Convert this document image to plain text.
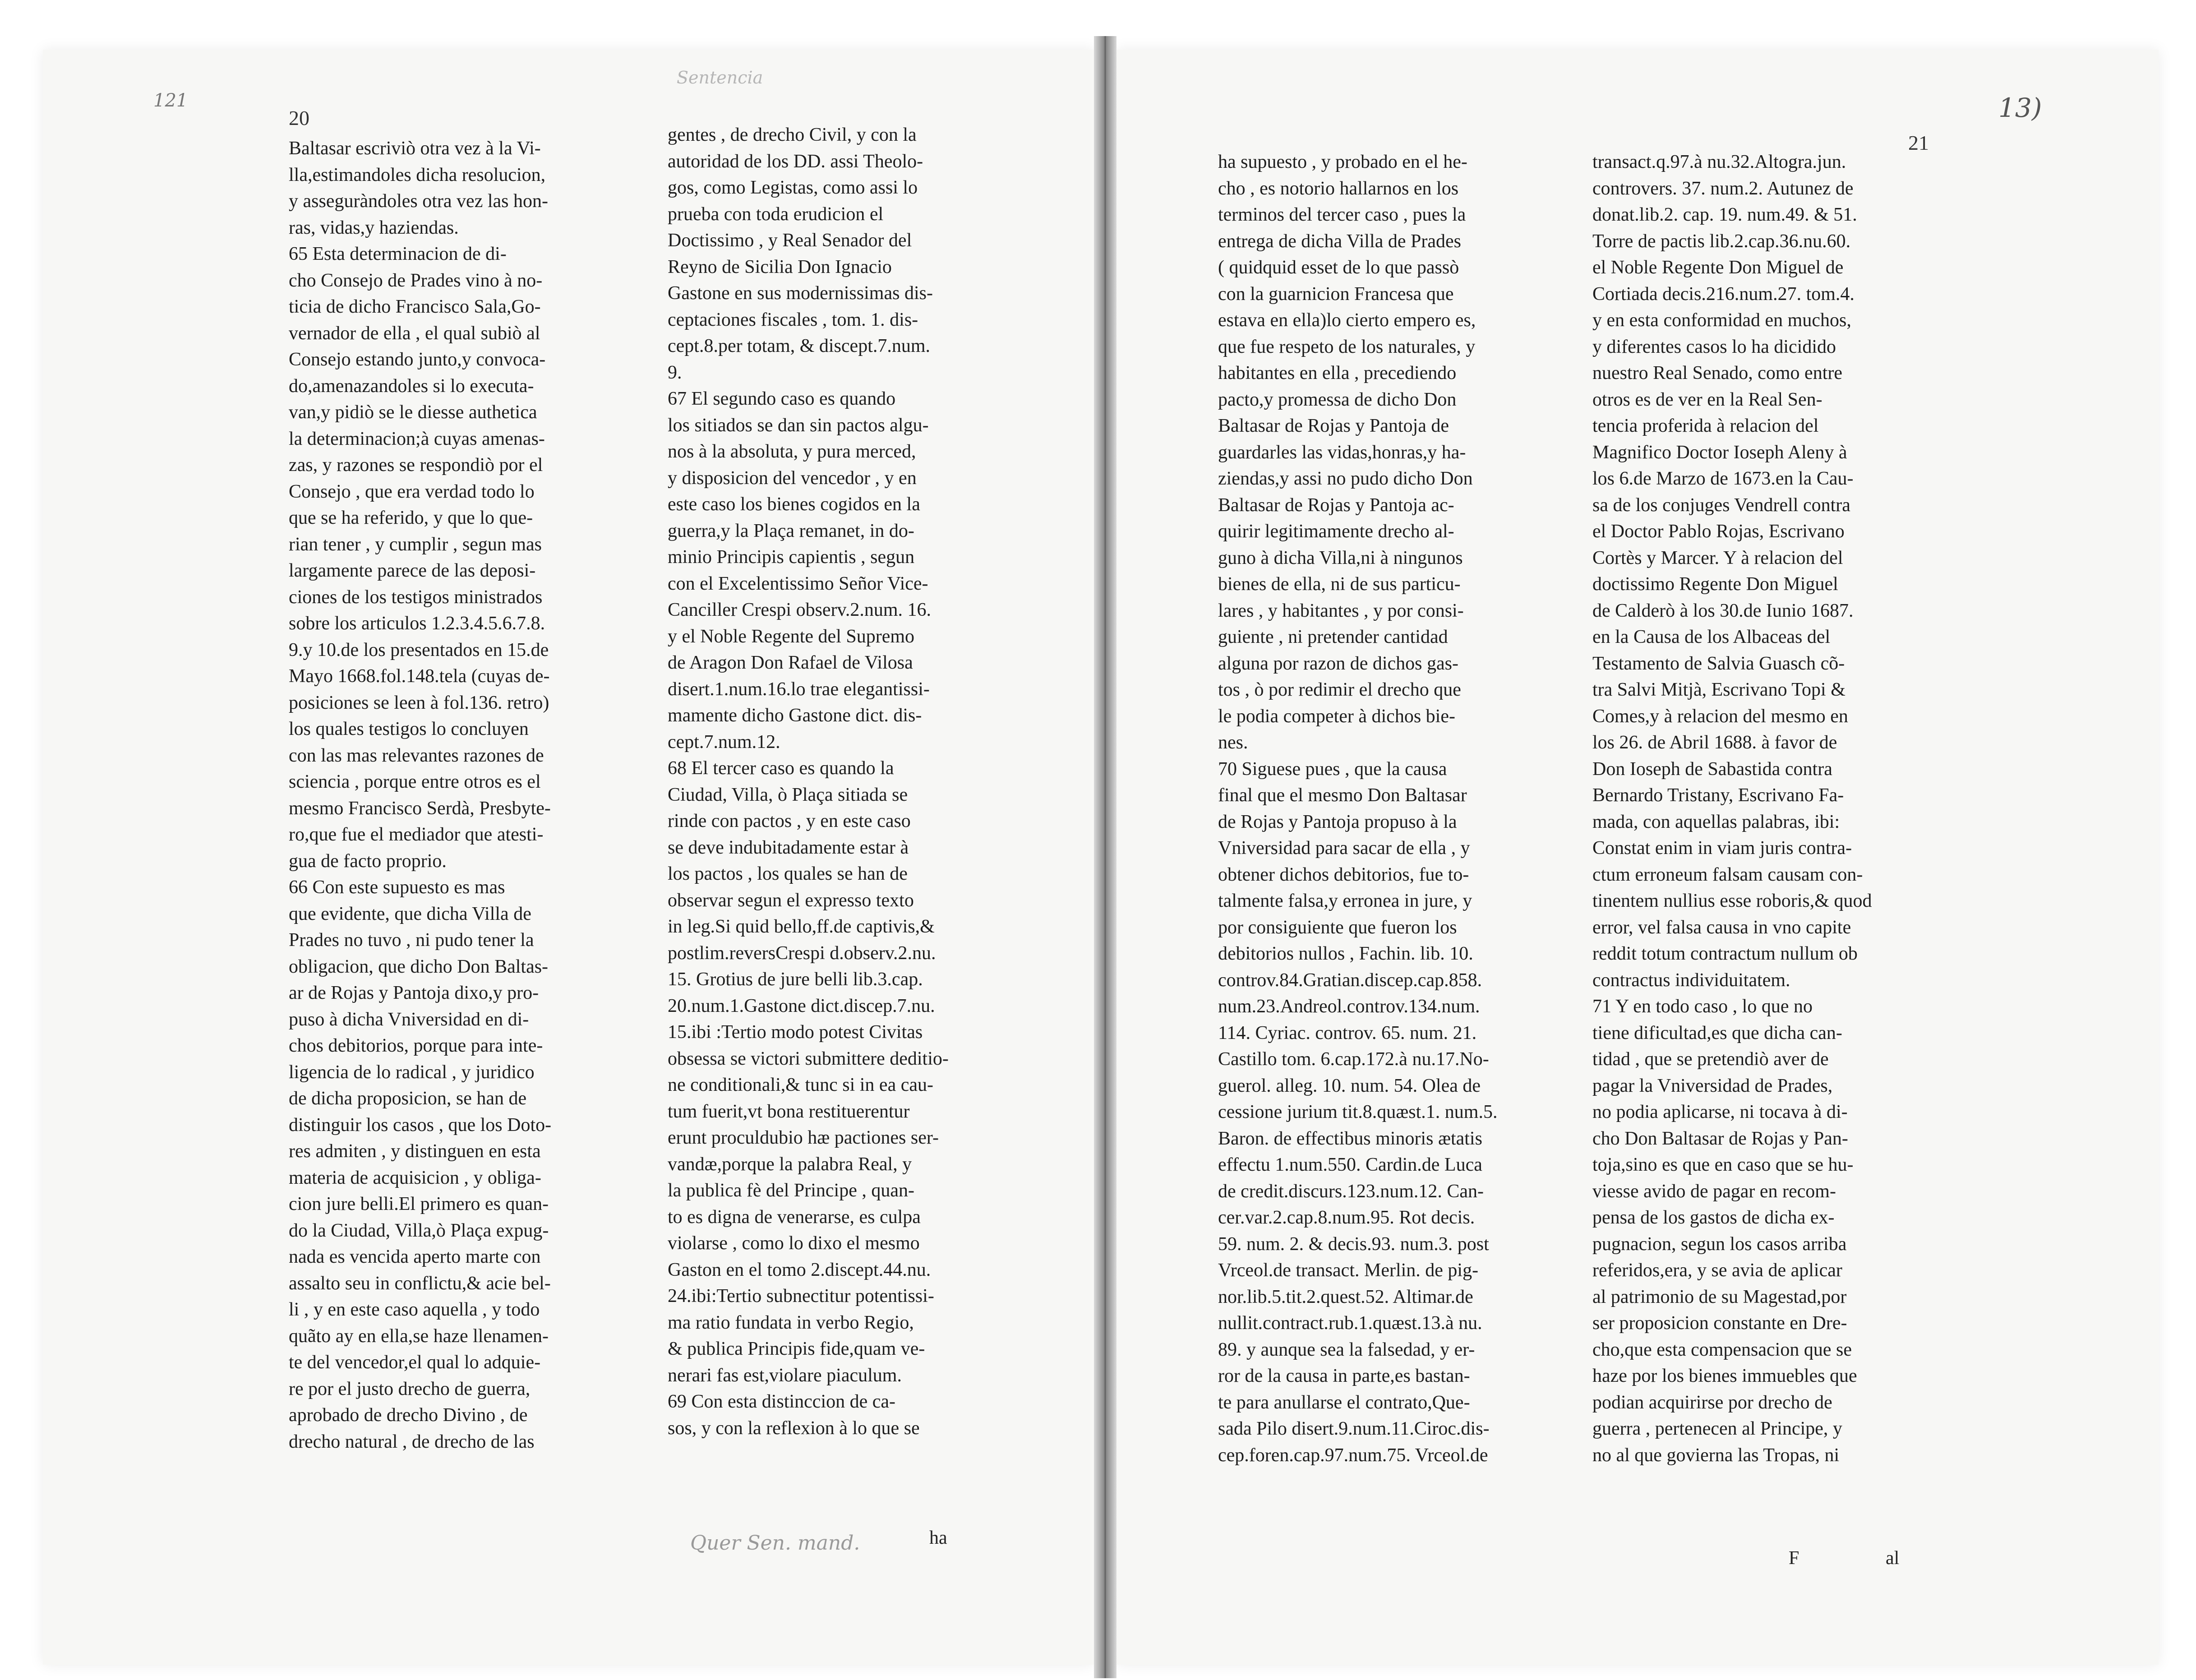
121
Sentencia
13)
20
21

Baltasar escriviò otra vez à la Vi-
lla,estimandoles dicha resolucion,
y asseguràndoles otra vez las hon-
ras, vidas,y haziendas.
65 Esta determinacion de di-
cho Consejo de Prades vino à no-
ticia de dicho Francisco Sala,Go-
vernador de ella , el qual subiò al
Consejo estando junto,y convoca-
do,amenazandoles si lo executa-
van,y pidiò se le diesse authetica
la determinacion;à cuyas amenas-
zas, y razones se respondiò por el
Consejo , que era verdad todo lo
que se ha referido, y que lo que-
rian tener , y cumplir , segun mas
largamente parece de las deposi-
ciones de los testigos ministrados
sobre los articulos 1.2.3.4.5.6.7.8.
9.y 10.de los presentados en 15.de
Mayo 1668.fol.148.tela (cuyas de-
posiciones se leen à fol.136. retro)
los quales testigos lo concluyen
con las mas relevantes razones de
sciencia , porque entre otros es el
mesmo Francisco Serdà, Presbyte-
ro,que fue el mediador que atesti-
gua de facto proprio.
66 Con este supuesto es mas
que evidente, que dicha Villa de
Prades no tuvo , ni pudo tener la
obligacion, que dicho Don Baltas-
ar de Rojas y Pantoja dixo,y pro-
puso à dicha Vniversidad en di-
chos debitorios, porque para inte-
ligencia de lo radical , y juridico
de dicha proposicion, se han de
distinguir los casos , que los Doto-
res admiten , y distinguen en esta
materia de acquisicion , y obliga-
cion jure belli.El primero es quan-
do la Ciudad, Villa,ò Plaça expug-
nada es vencida aperto marte con
assalto seu in conflictu,& acie bel-
li , y en este caso aquella , y todo
quãto ay en ella,se haze llenamen-
te del vencedor,el qual lo adquie-
re por el justo drecho de guerra,
aprobado de drecho Divino , de
drecho natural , de drecho de las

gentes , de drecho Civil, y con la
autoridad de los DD. assi Theolo-
gos, como Legistas, como assi lo
prueba con toda erudicion el
Doctissimo , y Real Senador del
Reyno de Sicilia Don Ignacio
Gastone en sus modernissimas dis-
ceptaciones fiscales , tom. 1. dis-
cept.8.per totam, & discept.7.num.
9.
67 El segundo caso es quando
los sitiados se dan sin pactos algu-
nos à la absoluta, y pura merced,
y disposicion del vencedor , y en
este caso los bienes cogidos en la
guerra,y la Plaça remanet, in do-
minio Principis capientis , segun
con el Excelentissimo Señor Vice-
Canciller Crespi observ.2.num. 16.
y el Noble Regente del Supremo
de Aragon Don Rafael de Vilosa
disert.1.num.16.lo trae elegantissi-
mamente dicho Gastone dict. dis-
cept.7.num.12.
68 El tercer caso es quando la
Ciudad, Villa, ò Plaça sitiada se
rinde con pactos , y en este caso
se deve indubitadamente estar à
los pactos , los quales se han de
observar segun el expresso texto
in leg.Si quid bello,ff.de captivis,&
postlim.reversCrespi d.observ.2.nu.
15. Grotius de jure belli lib.3.cap.
20.num.1.Gastone dict.discep.7.nu.
15.ibi :Tertio modo potest Civitas
obsessa se victori submittere deditio-
ne conditionali,& tunc si in ea cau-
tum fuerit,vt bona restituerentur
erunt proculdubio hæ pactiones ser-
vandæ,porque la palabra Real, y
la publica fè del Principe , quan-
to es digna de venerarse, es culpa
violarse , como lo dixo el mesmo
Gaston en el tomo 2.discept.44.nu.
24.ibi:Tertio subnectitur potentissi-
ma ratio fundata in verbo Regio,
& publica Principis fide,quam ve-
nerari fas est,violare piaculum.
69 Con esta distinccion de ca-
sos, y con la reflexion à lo que se

ha
Quer Sen. mand.

ha supuesto , y probado en el he-
cho , es notorio hallarnos en los
terminos del tercer caso , pues la
entrega de dicha Villa de Prades
( quidquid esset de lo que passò
con la guarnicion Francesa que
estava en ella)lo cierto empero es,
que fue respeto de los naturales, y
habitantes en ella , precediendo
pacto,y promessa de dicho Don
Baltasar de Rojas y Pantoja de
guardarles las vidas,honras,y ha-
ziendas,y assi no pudo dicho Don
Baltasar de Rojas y Pantoja ac-
quirir legitimamente drecho al-
guno à dicha Villa,ni à ningunos
bienes de ella, ni de sus particu-
lares , y habitantes , y por consi-
guiente , ni pretender cantidad
alguna por razon de dichos gas-
tos , ò por redimir el drecho que
le podia competer à dichos bie-
nes.
70 Siguese pues , que la causa
final que el mesmo Don Baltasar
de Rojas y Pantoja propuso à la
Vniversidad para sacar de ella , y
obtener dichos debitorios, fue to-
talmente falsa,y erronea in jure, y
por consiguiente que fueron los
debitorios nullos , Fachin. lib. 10.
controv.84.Gratian.discep.cap.858.
num.23.Andreol.controv.134.num.
114. Cyriac. controv. 65. num. 21.
Castillo tom. 6.cap.172.à nu.17.No-
guerol. alleg. 10. num. 54. Olea de
cessione jurium tit.8.quæst.1. num.5.
Baron. de effectibus minoris ætatis
effectu 1.num.550. Cardin.de Luca
de credit.discurs.123.num.12. Can-
cer.var.2.cap.8.num.95. Rot decis.
59. num. 2. & decis.93. num.3. post
Vrceol.de transact. Merlin. de pig-
nor.lib.5.tit.2.quest.52. Altimar.de
nullit.contract.rub.1.quæst.13.à nu.
89. y aunque sea la falsedad, y er-
ror de la causa in parte,es bastan-
te para anullarse el contrato,Que-
sada Pilo disert.9.num.11.Ciroc.dis-
cep.foren.cap.97.num.75. Vrceol.de

transact.q.97.à nu.32.Altogra.jun.
controvers. 37. num.2. Autunez de
donat.lib.2. cap. 19. num.49. & 51.
Torre de pactis lib.2.cap.36.nu.60.
el Noble Regente Don Miguel de
Cortiada decis.216.num.27. tom.4.
y en esta conformidad en muchos,
y diferentes casos lo ha dicidido
nuestro Real Senado, como entre
otros es de ver en la Real Sen-
tencia proferida à relacion del
Magnifico Doctor Ioseph Aleny à
los 6.de Marzo de 1673.en la Cau-
sa de los conjuges Vendrell contra
el Doctor Pablo Rojas, Escrivano
Cortès y Marcer. Y à relacion del
doctissimo Regente Don Miguel
de Calderò à los 30.de Iunio 1687.
en la Causa de los Albaceas del
Testamento de Salvia Guasch cõ-
tra Salvi Mitjà, Escrivano Topi &
Comes,y à relacion del mesmo en
los 26. de Abril 1688. à favor de
Don Ioseph de Sabastida contra
Bernardo Tristany, Escrivano Fa-
mada, con aquellas palabras, ibi:
Constat enim in viam juris contra-
ctum erroneum falsam causam con-
tinentem nullius esse roboris,& quod
error, vel falsa causa in vno capite
reddit totum contractum nullum ob
contractus individuitatem.
71 Y en todo caso , lo que no
tiene dificultad,es que dicha can-
tidad , que se pretendiò aver de
pagar la Vniversidad de Prades,
no podia aplicarse, ni tocava à di-
cho Don Baltasar de Rojas y Pan-
toja,sino es que en caso que se hu-
viesse avido de pagar en recom-
pensa de los gastos de dicha ex-
pugnacion, segun los casos arriba
referidos,era, y se avia de aplicar
al patrimonio de su Magestad,por
ser proposicion constante en Dre-
cho,que esta compensacion que se
haze por los bienes immuebles que
podian acquirirse por drecho de
guerra , pertenecen al Principe, y
no al que govierna las Tropas, ni

F	al
